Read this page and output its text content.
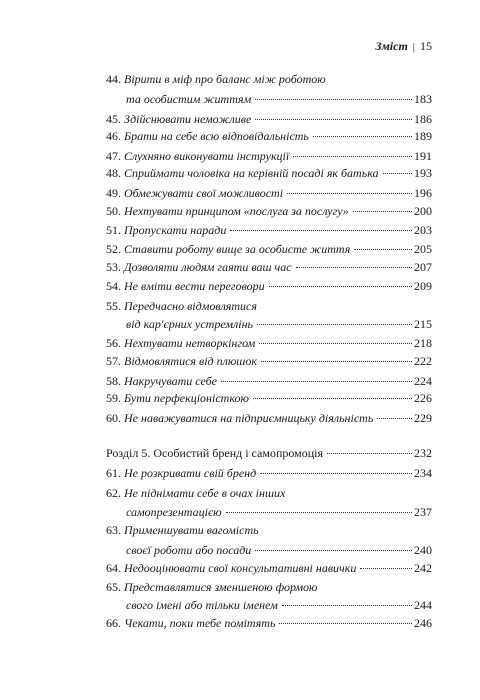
Зміст | 15
44. Вірити в міф про баланс між роботою
та особистим життям	183
45. Здійснювати неможливе	186
46. Брати на себе всю відповідальність	189
47. Слухняно виконувати інструкції	191
48. Сприймати чоловіка на керівній посаді як батька	193
49. Обмежувати свої можливості	196
50. Нехтувати принципом «послуга за послугу»	200
51. Пропускати наради	203
52. Ставити роботу вище за особисте життя	205
53. Дозволяти людям гаяти ваш час	207
54. Не вміти вести переговори	209
55. Передчасно відмовлятися
від кар'єрних устремлінь	215
56. Нехтувати нетворкінгом	218
57. Відмовлятися від плюшок	222
58. Накручувати себе	224
59. Бути перфекціоністкою	226
60. Не наважуватися на підприємницьку діяльність	229
Розділ 5. Особистий бренд і самопромоція	232
61. Не розкривати свій бренд	234
62. Не піднімати себе в очах інших
самопрезентацією	237
63. Применшувати вагомість
своєї роботи або посади	240
64. Недооцінювати свої консультативні навички	242
65. Представлятися зменшеною формою
свого імені або тільки іменем	244
66. Чекати, поки тебе помітять	246
